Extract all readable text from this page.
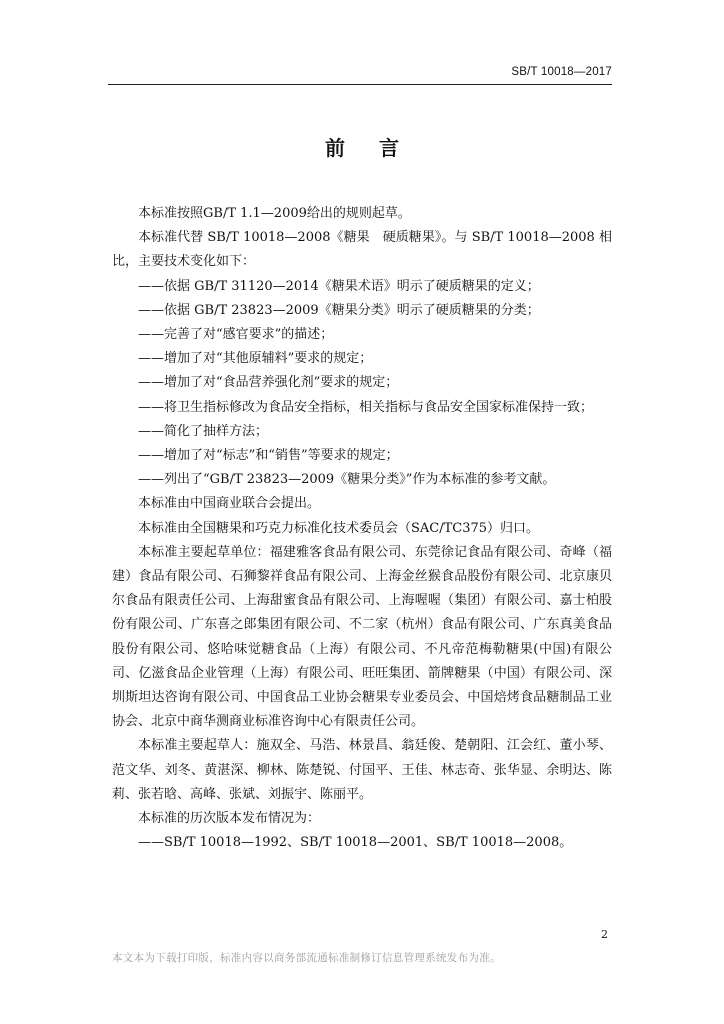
SB/T 10018—2017
前言

本标准按照GB/T 1.1—2009给出的规则起草。

本标准代替 SB/T 10018—2008《糖果　硬质糖果》。与 SB/T 10018—2008 相比，主要技术变化如下：

——依据 GB/T 31120—2014《糖果术语》明示了硬质糖果的定义；

——依据 GB/T 23823—2009《糖果分类》明示了硬质糖果的分类；

——完善了对“感官要求”的描述；

——增加了对“其他原辅料”要求的规定；

——增加了对“食品营养强化剂”要求的规定；

——将卫生指标修改为食品安全指标，相关指标与食品安全国家标准保持一致；

——简化了抽样方法；

——增加了对“标志”和“销售”等要求的规定；

——列出了“GB/T 23823—2009《糖果分类》”作为本标准的参考文献。

本标准由中国商业联合会提出。

本标准由全国糖果和巧克力标准化技术委员会（SAC/TC375）归口。

本标准主要起草单位：福建雅客食品有限公司、东莞徐记食品有限公司、奇峰（福建）食品有限公司、石狮黎祥食品有限公司、上海金丝猴食品股份有限公司、北京康贝尔食品有限责任公司、上海甜蜜食品有限公司、上海喔喔（集团）有限公司、嘉士柏股份有限公司、广东喜之郎集团有限公司、不二家（杭州）食品有限公司、广东真美食品股份有限公司、悠哈味觉糖食品（上海）有限公司、不凡帝范梅勒糖果(中国)有限公司、亿滋食品企业管理（上海）有限公司、旺旺集团、箭牌糖果（中国）有限公司、深圳斯坦达咨询有限公司、中国食品工业协会糖果专业委员会、中国焙烤食品糖制品工业协会、北京中商华测商业标准咨询中心有限责任公司。

本标准主要起草人：施双全、马浩、林景昌、翁廷俊、楚朝阳、江会红、董小琴、范文华、刘冬、黄湛深、柳林、陈楚锐、付国平、王佳、林志奇、张华显、余明达、陈莉、张若晗、高峰、张斌、刘振宇、陈丽平。

本标准的历次版本发布情况为：

——SB/T 10018—1992、SB/T 10018—2001、SB/T 10018—2008。

2
本文本为下载打印版，标准内容以商务部流通标准制修订信息管理系统发布为准。
